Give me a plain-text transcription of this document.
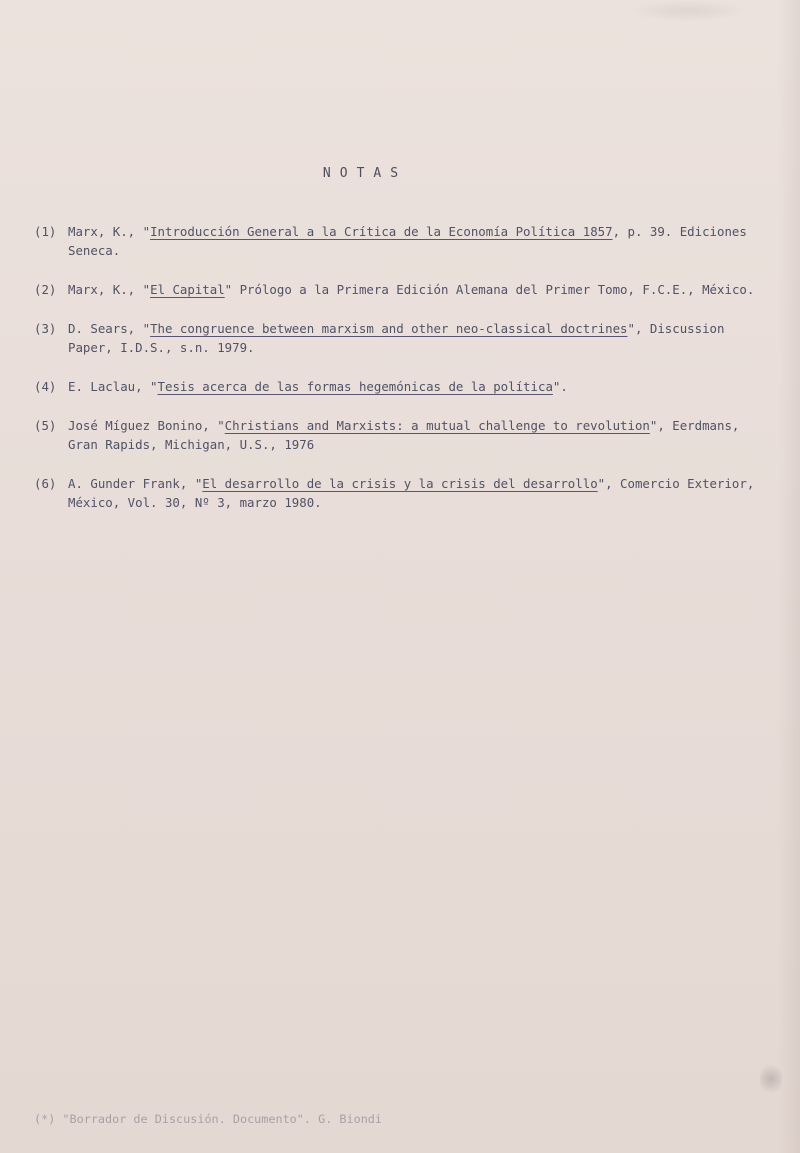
NOTAS
(1) Marx, K., "Introducción General a la Crítica de la Economía Política 1857, p. 39. Ediciones Seneca.
(2) Marx, K., "El Capital" Prólogo a la Primera Edición Alemana del Primer Tomo, F.C.E., México.
(3) D. Sears, "The congruence between marxism and other neo-classical doctrines", Discussion Paper, I.D.S., s.n. 1979.
(4) E. Laclau, "Tesis acerca de las formas hegemónicas de la política".
(5) José Míguez Bonino, "Christians and Marxists: a mutual challenge to revolution", Eerdmans, Gran Rapids, Michigan, U.S., 1976
(6) A. Gunder Frank, "El desarrollo de la crisis y la crisis del desarrollo", Comercio Exterior, México, Vol. 30, Nº 3, marzo 1980.
(*) "Borrador de Discusión. Documento". G. Biondi
